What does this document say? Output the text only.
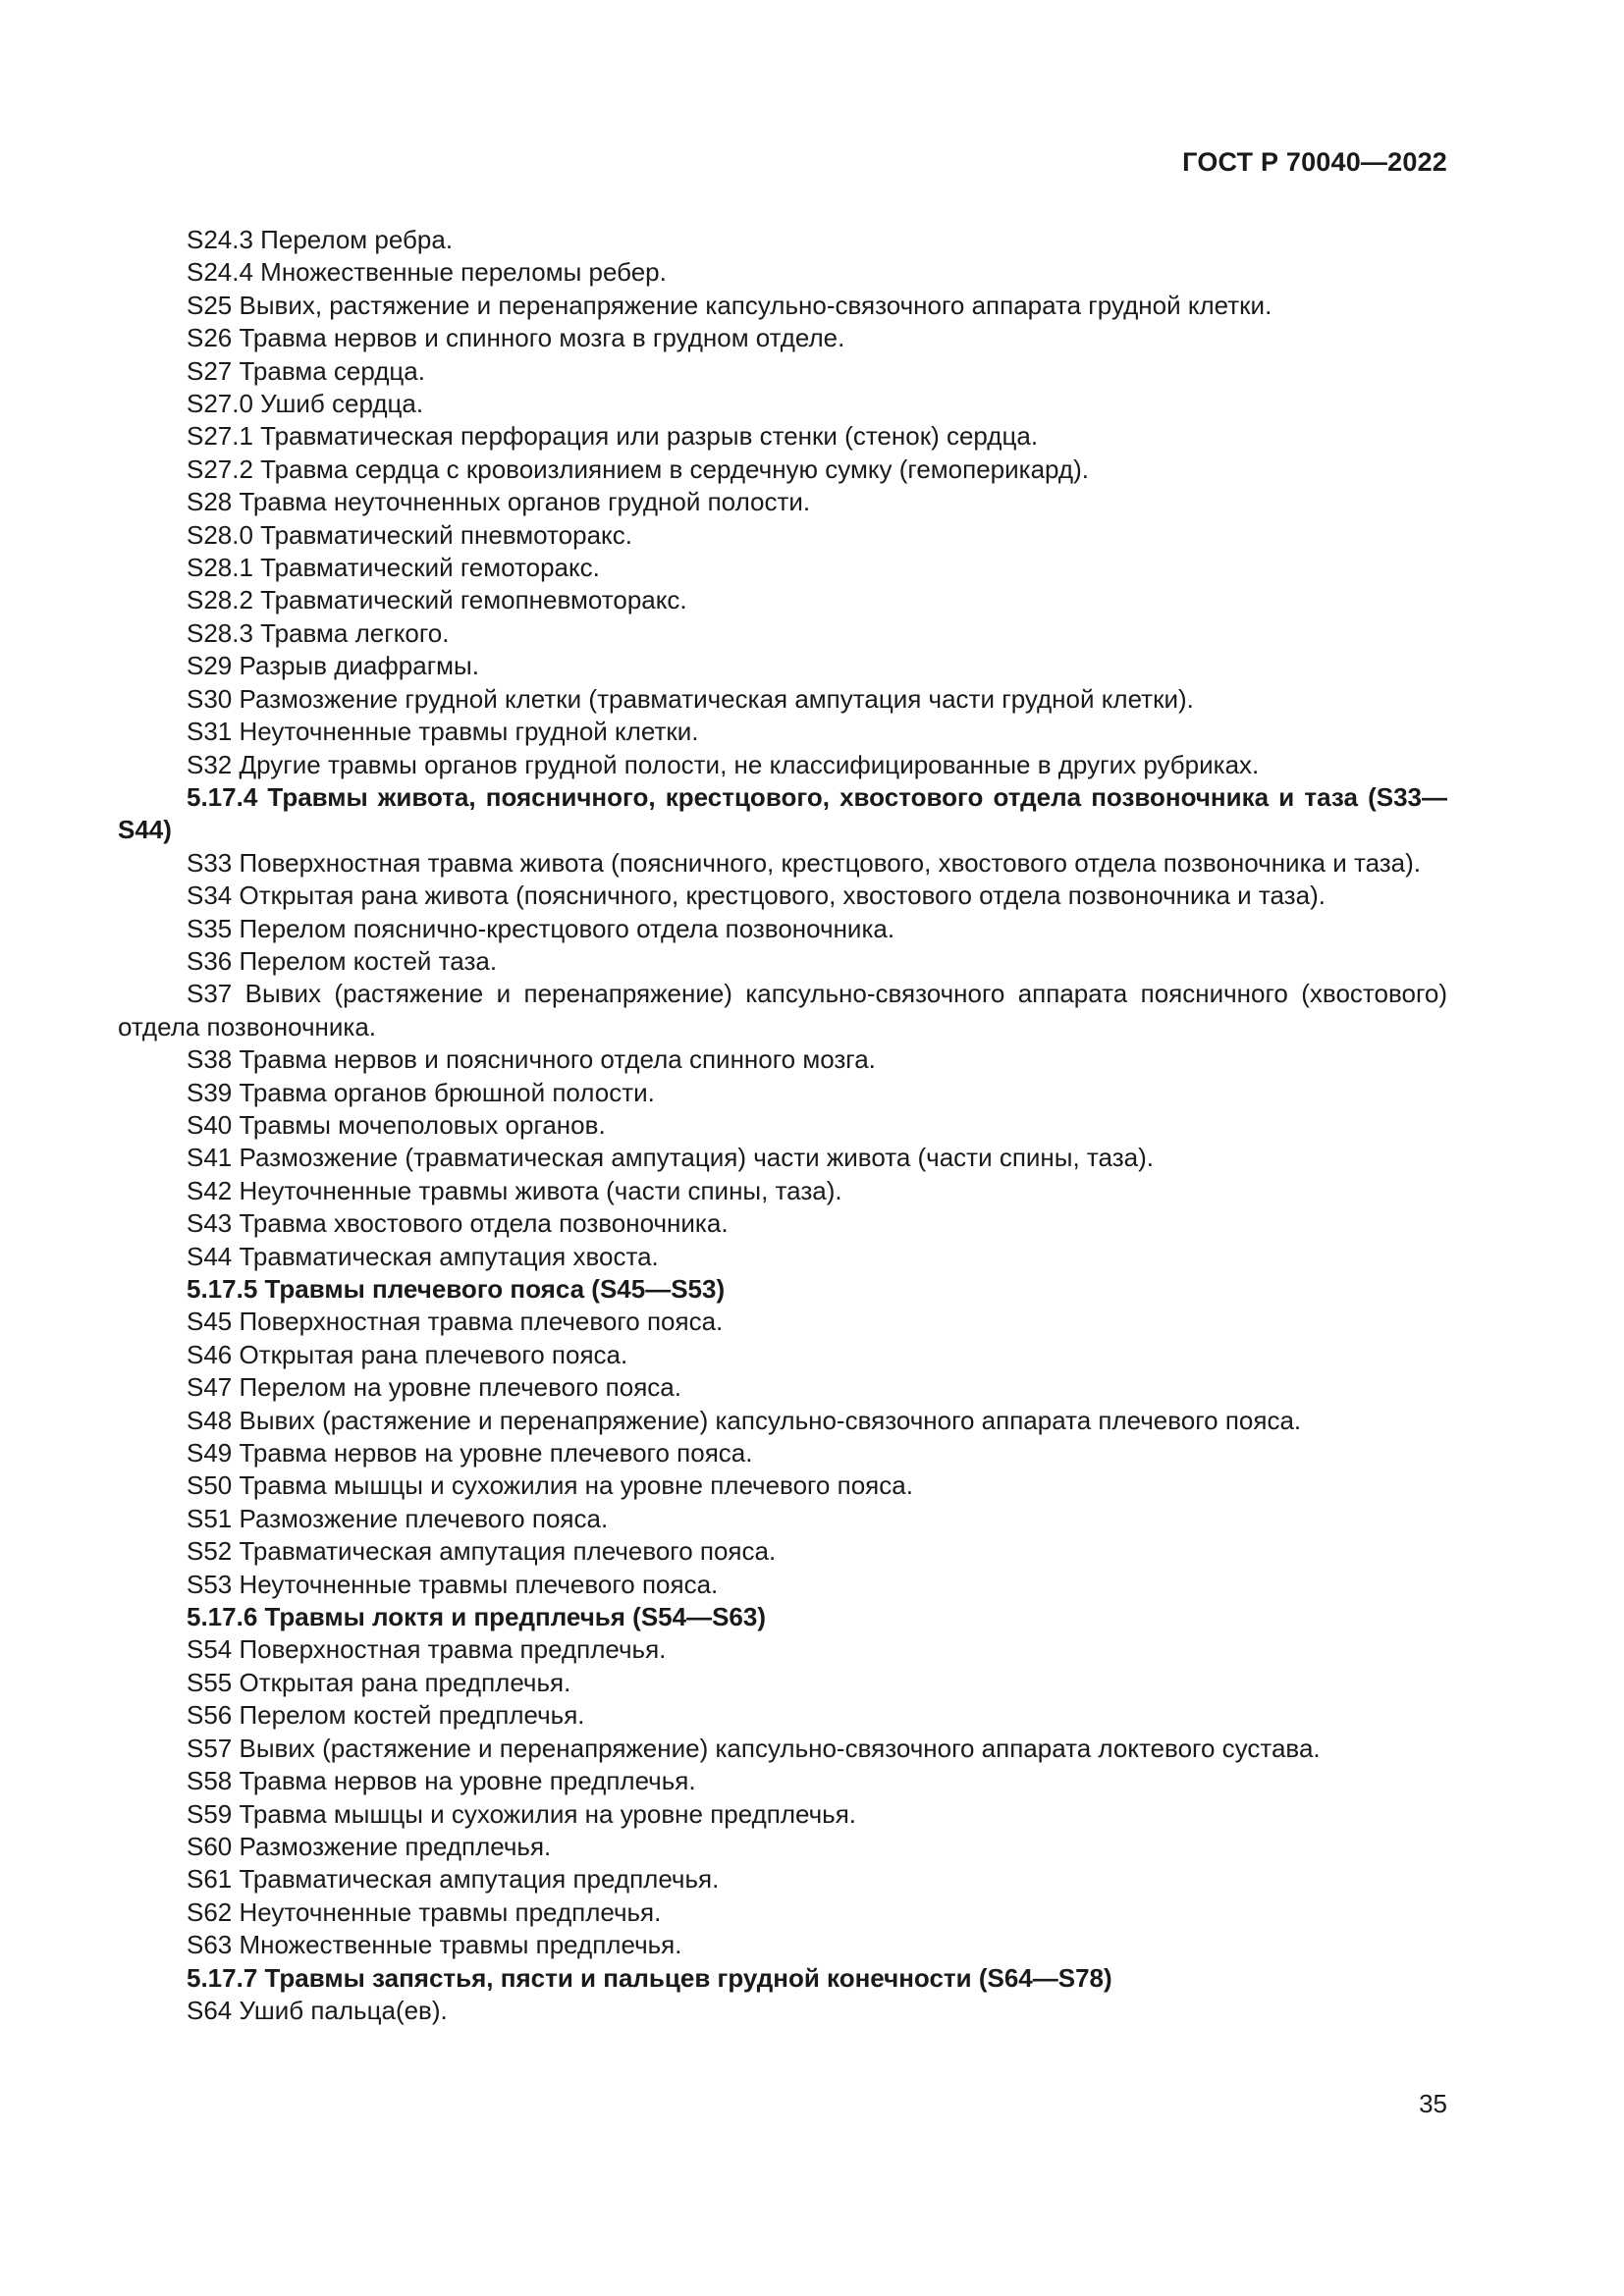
ГОСТ Р 70040—2022

S24.3 Перелом ребра.

S24.4 Множественные переломы ребер.

S25 Вывих, растяжение и перенапряжение капсульно-связочного аппарата грудной клетки.

S26 Травма нервов и спинного мозга в грудном отделе.

S27 Травма сердца.

S27.0 Ушиб сердца.

S27.1 Травматическая перфорация или разрыв стенки (стенок) сердца.

S27.2 Травма сердца с кровоизлиянием в сердечную сумку (гемоперикард).

S28 Травма неуточненных органов грудной полости.

S28.0 Травматический пневмоторакс.

S28.1 Травматический гемоторакс.

S28.2 Травматический гемопневмоторакс.

S28.3 Травма легкого.

S29 Разрыв диафрагмы.

S30 Размозжение грудной клетки (травматическая ампутация части грудной клетки).

S31 Неуточненные травмы грудной клетки.

S32 Другие травмы органов грудной полости, не классифицированные в других рубриках.

5.17.4 Травмы живота, поясничного, крестцового, хвостового отдела позвоночника и таза (S33—S44)

S33 Поверхностная травма живота (поясничного, крестцового, хвостового отдела позвоночника и таза).

S34 Открытая рана живота (поясничного, крестцового, хвостового отдела позвоночника и таза).

S35 Перелом пояснично-крестцового отдела позвоночника.

S36 Перелом костей таза.

S37 Вывих (растяжение и перенапряжение) капсульно-связочного аппарата поясничного (хвостового) отдела позвоночника.

S38 Травма нервов и поясничного отдела спинного мозга.

S39 Травма органов брюшной полости.

S40 Травмы мочеполовых органов.

S41 Размозжение (травматическая ампутация) части живота (части спины, таза).

S42 Неуточненные травмы живота (части спины, таза).

S43 Травма хвостового отдела позвоночника.

S44 Травматическая ампутация хвоста.

5.17.5 Травмы плечевого пояса (S45—S53)

S45 Поверхностная травма плечевого пояса.

S46 Открытая рана плечевого пояса.

S47 Перелом на уровне плечевого пояса.

S48 Вывих (растяжение и перенапряжение) капсульно-связочного аппарата плечевого пояса.

S49 Травма нервов на уровне плечевого пояса.

S50 Травма мышцы и сухожилия на уровне плечевого пояса.

S51 Размозжение плечевого пояса.

S52 Травматическая ампутация плечевого пояса.

S53 Неуточненные травмы плечевого пояса.

5.17.6 Травмы локтя и предплечья (S54—S63)

S54 Поверхностная травма предплечья.

S55 Открытая рана предплечья.

S56 Перелом костей предплечья.

S57 Вывих (растяжение и перенапряжение) капсульно-связочного аппарата локтевого сустава.

S58 Травма нервов на уровне предплечья.

S59 Травма мышцы и сухожилия на уровне предплечья.

S60 Размозжение предплечья.

S61 Травматическая ампутация предплечья.

S62 Неуточненные травмы предплечья.

S63 Множественные травмы предплечья.

5.17.7 Травмы запястья, пясти и пальцев грудной конечности (S64—S78)

S64 Ушиб пальца(ев).

35
